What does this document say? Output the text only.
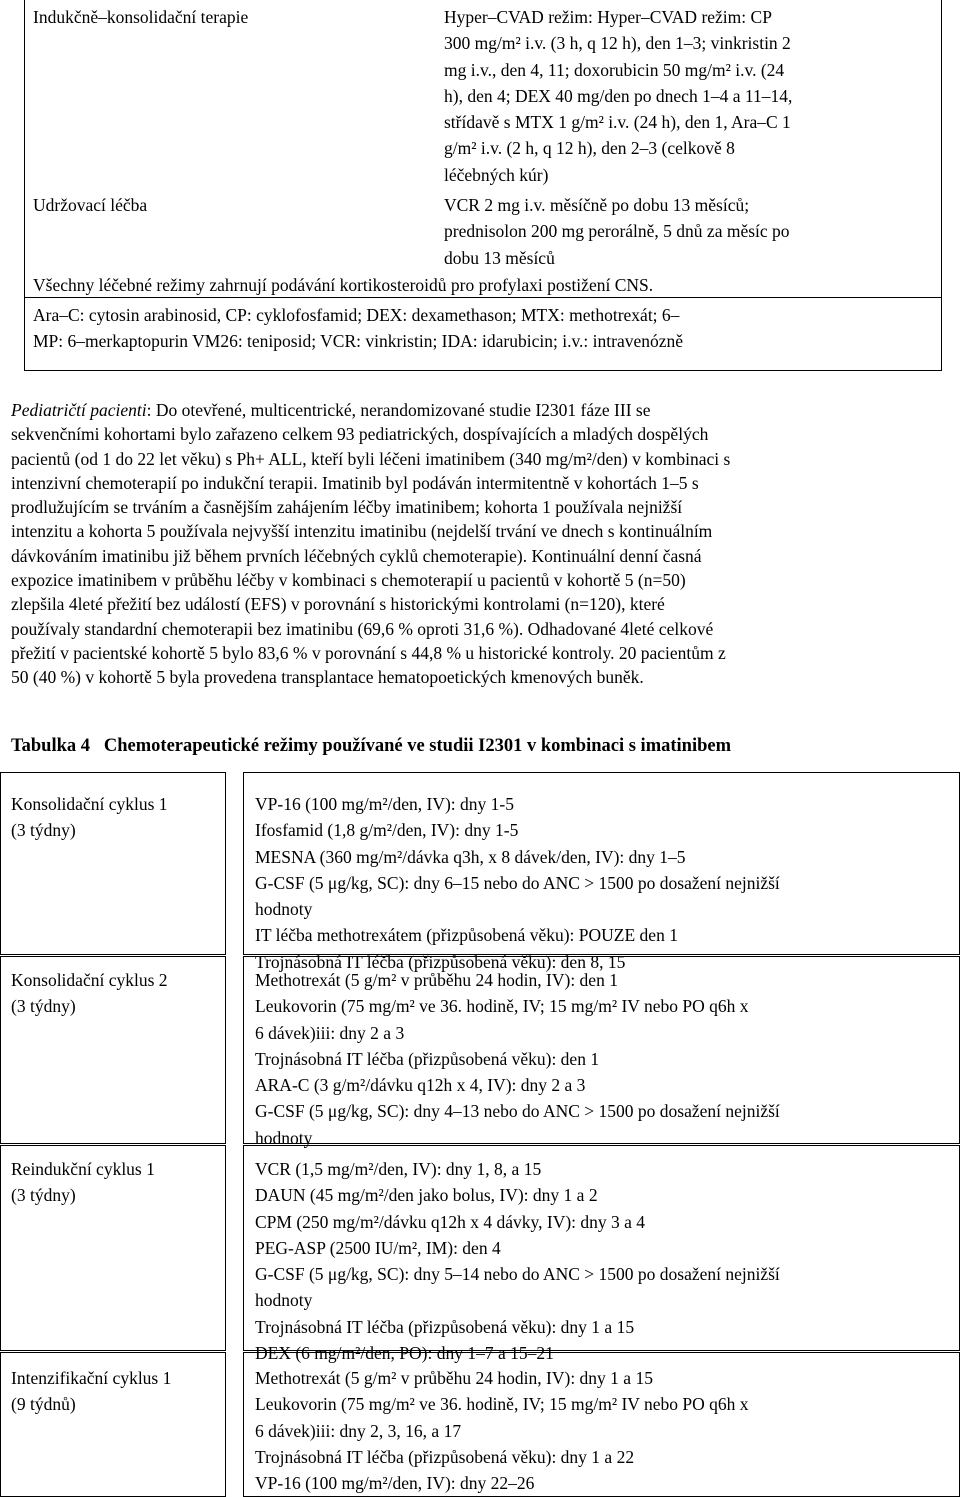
Indukčně–konsolidační terapie	Hyper–CVAD režim: Hyper–CVAD režim: CP
300 mg/m² i.v. (3 h, q 12 h), den 1–3; vinkristin 2
mg i.v., den 4, 11; doxorubicin 50 mg/m² i.v. (24
h), den 4; DEX 40 mg/den po dnech 1–4 a 11–14,
střídavě s MTX 1 g/m² i.v. (24 h), den 1, Ara–C 1
g/m² i.v. (2 h, q 12 h), den 2–3 (celkově 8
léčebných kúr)
Udržovací léčba	VCR 2 mg i.v. měsíčně po dobu 13 měsíců;
prednisolon 200 mg perorálně, 5 dnů za měsíc po
dobu 13 měsíců
Všechny léčebné režimy zahrnují podávání kortikosteroidů pro profylaxi postižení CNS.
Ara–C: cytosin arabinosid, CP: cyklofosfamid; DEX: dexamethason; MTX: methotrexát; 6–
MP: 6–merkaptopurin VM26: teniposid; VCR: vinkristin; IDA: idarubicin; i.v.: intravenózně
Pediatričtí pacienti: Do otevřené, multicentrické, nerandomizované studie I2301 fáze III se
sekvenčními kohortami bylo zařazeno celkem 93 pediatrických, dospívajících a mladých dospělých
pacientů (od 1 do 22 let věku) s Ph+ ALL, kteří byli léčeni imatinibem (340 mg/m²/den) v kombinaci s
intenzivní chemoterapií po indukční terapii. Imatinib byl podáván intermitentně v kohortách 1–5 s
prodlužujícím se trváním a časnějším zahájením léčby imatinibem; kohorta 1 používala nejnižší
intenzitu a kohorta 5 používala nejvyšší intenzitu imatinibu (nejdelší trvání ve dnech s kontinuálním
dávkováním imatinibu již během prvních léčebných cyklů chemoterapie). Kontinuální denní časná
expozice imatinibem v průběhu léčby v kombinaci s chemoterapií u pacientů v kohortě 5 (n=50)
zlepšila 4leté přežití bez událostí (EFS) v porovnání s historickými kontrolami (n=120), které
používaly standardní chemoterapii bez imatinibu (69,6 % oproti 31,6 %). Odhadované 4leté celkové
přežití v pacientské kohortě 5 bylo 83,6 % v porovnání s 44,8 % u historické kontroly. 20 pacientům z
50 (40 %) v kohortě 5 byla provedena transplantace hematopoetických kmenových buněk.
Tabulka 4   Chemoterapeutické režimy používané ve studii I2301 v kombinaci s imatinibem
Konsolidační cyklus 1
(3 týdny)
VP-16 (100 mg/m²/den, IV): dny 1-5
Ifosfamid (1,8 g/m²/den, IV): dny 1-5
MESNA (360 mg/m²/dávka q3h, x 8 dávek/den, IV): dny 1–5
G-CSF (5 μg/kg, SC): dny 6–15 nebo do ANC > 1500 po dosažení nejnižší
hodnoty
IT léčba methotrexátem (přizpůsobená věku): POUZE den 1
Trojnásobná IT léčba (přizpůsobená věku): den 8, 15
Konsolidační cyklus 2
(3 týdny)
Methotrexát (5 g/m² v průběhu 24 hodin, IV): den 1
Leukovorin (75 mg/m² ve 36. hodině, IV; 15 mg/m² IV nebo PO q6h x
6 dávek)iii: dny 2 a 3
Trojnásobná IT léčba (přizpůsobená věku): den 1
ARA-C (3 g/m²/dávku q12h x 4, IV): dny 2 a 3
G-CSF (5 μg/kg, SC): dny 4–13 nebo do ANC > 1500 po dosažení nejnižší
hodnoty
Reindukční cyklus 1
(3 týdny)
VCR (1,5 mg/m²/den, IV): dny 1, 8, a 15
DAUN (45 mg/m²/den jako bolus, IV): dny 1 a 2
CPM (250 mg/m²/dávku q12h x 4 dávky, IV): dny 3 a 4
PEG-ASP (2500 IU/m², IM): den 4
G-CSF (5 μg/kg, SC): dny 5–14 nebo do ANC > 1500 po dosažení nejnižší
hodnoty
Trojnásobná IT léčba (přizpůsobená věku): dny 1 a 15
DEX (6 mg/m²/den, PO): dny 1–7 a 15–21
Intenzifikační cyklus 1
(9 týdnů)
Methotrexát (5 g/m² v průběhu 24 hodin, IV): dny 1 a 15
Leukovorin (75 mg/m² ve 36. hodině, IV; 15 mg/m² IV nebo PO q6h x
6 dávek)iii: dny 2, 3, 16, a 17
Trojnásobná IT léčba (přizpůsobená věku): dny 1 a 22
VP-16 (100 mg/m²/den, IV): dny 22–26
